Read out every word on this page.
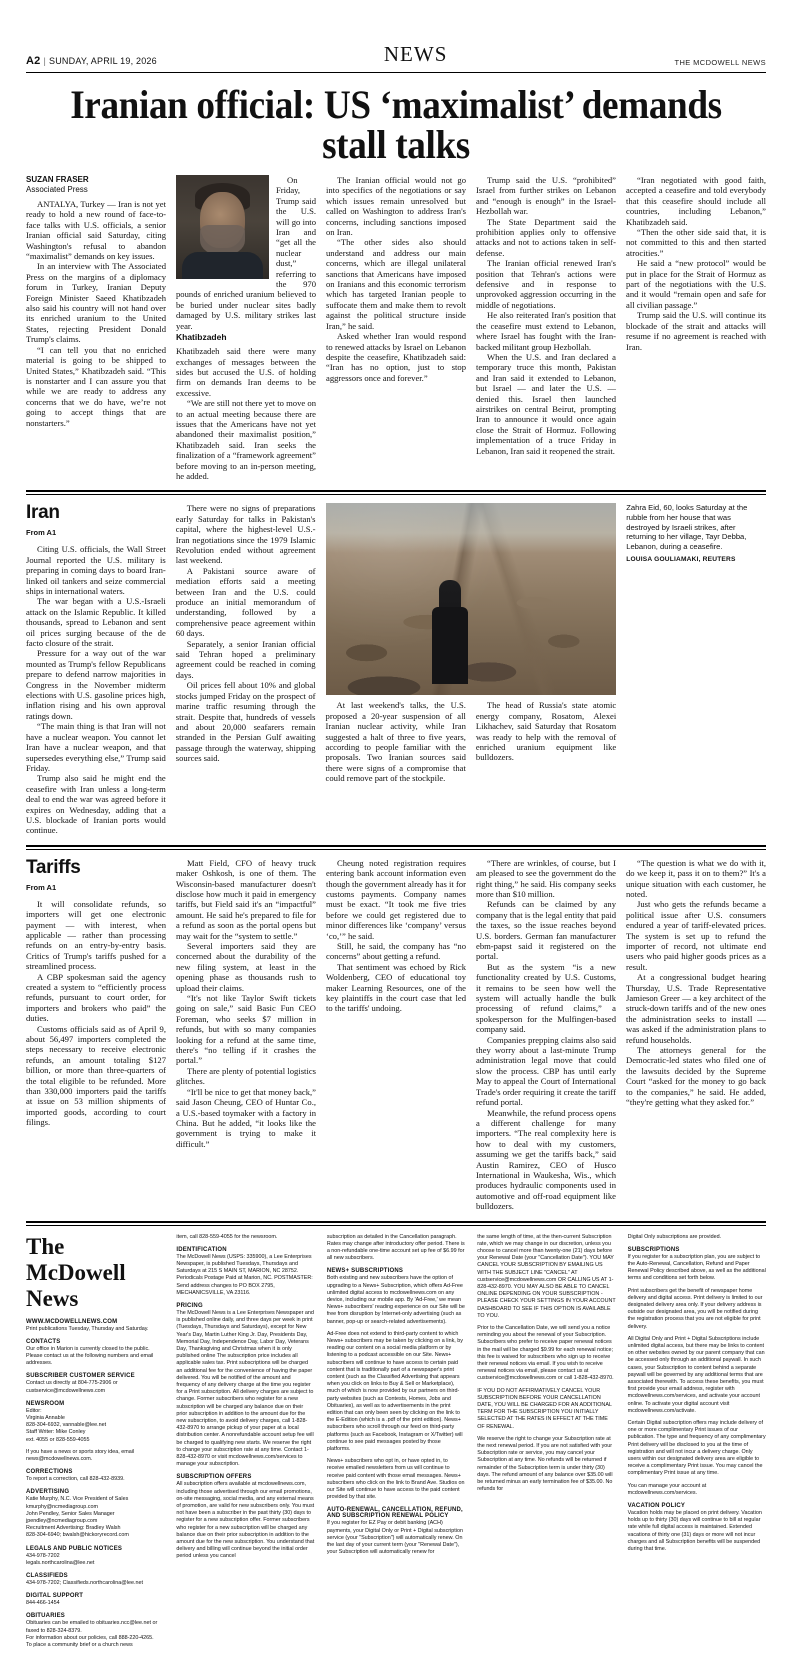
A2 | SUNDAY, APRIL 19, 2026	NEWS	THE MCDOWELL NEWS
Iranian official: US ‘maximalist’ demands stall talks
SUZAN FRASER
Associated Press

ANTALYA, Turkey — Iran is not yet ready to hold a new round of face-to-face talks with U.S. officials, a senior Iranian official said Saturday, citing Washington's refusal to abandon “maximalist” demands on key issues.

In an interview with The Associated Press on the margins of a diplomacy forum in Turkey, Iranian Deputy Foreign Minister Saeed Khatibzadeh also said his country will not hand over its enriched uranium to the United States, rejecting President Donald Trump's claims.

“I can tell you that no enriched material is going to be shipped to United States,” Khatibzadeh said. “This is nonstarter and I can assure you that while we are ready to address any concerns that we do have, we’re not going to accept things that are nonstarters.”

On Friday, Trump said the U.S. will go into Iran and “get all the nuclear dust,” referring to the 970 pounds of enriched uranium believed to be buried under nuclear sites badly damaged by U.S. military strikes last year.

Khatibzadeh

Khatibzadeh said there were many exchanges of messages between the sides but accused the U.S. of holding firm on demands Iran deems to be excessive.

“We are still not there yet to move on to an actual meeting because there are issues that the Americans have not yet abandoned their maximalist position,” Khatibzadeh said. Iran seeks the finalization of a “framework agreement” before moving to an in-person meeting, he added.

The Iranian official would not go into specifics of the negotiations or say which issues remain unresolved but called on Washington to address Iran's concerns, including sanctions imposed on Iran.

“The other sides also should understand and address our main concerns, which are illegal unilateral sanctions that Americans have imposed on Iranians and this economic terrorism which has targeted Iranian people to suffocate them and make them to revolt against the political structure inside Iran,” he said.

Asked whether Iran would respond to renewed attacks by Israel on Lebanon despite the ceasefire, Khatibzadeh said: “Iran has no option, just to stop aggressors once and forever.”

Trump said the U.S. “prohibited” Israel from further strikes on Lebanon and “enough is enough” in the Israel-Hezbollah war.

The State Department said the prohibition applies only to offensive attacks and not to actions taken in self-defense.

The Iranian official renewed Iran's position that Tehran's actions were defensive and in response to unprovoked aggression occurring in the middle of negotiations.

He also reiterated Iran's position that the ceasefire must extend to Lebanon, where Israel has fought with the Iran-backed militant group Hezbollah.

When the U.S. and Iran declared a temporary truce this month, Pakistan and Iran said it extended to Lebanon, but Israel — and later the U.S. — denied this. Israel then launched airstrikes on central Beirut, prompting Iran to announce it would once again close the Strait of Hormuz. Following implementation of a truce Friday in Lebanon, Iran said it reopened the strait.

“Iran negotiated with good faith, accepted a ceasefire and told everybody that this ceasefire should include all countries, including Lebanon,” Khatibzadeh said.

“Then the other side said that, it is not committed to this and then started atrocities.”

He said a “new protocol” would be put in place for the Strait of Hormuz as part of the negotiations with the U.S. and it would “remain open and safe for all civilian passage.”

Trump said the U.S. will continue its blockade of the strait and attacks will resume if no agreement is reached with Iran.

Iran
From A1

Citing U.S. officials, the Wall Street Journal reported the U.S. military is preparing in coming days to board Iran-linked oil tankers and seize commercial ships in international waters.

The war began with a U.S.-Israeli attack on the Islamic Republic. It killed thousands, spread to Lebanon and sent oil prices surging because of the de facto closure of the strait.

Pressure for a way out of the war mounted as Trump's fellow Republicans prepare to defend narrow majorities in Congress in the November midterm elections with U.S. gasoline prices high, inflation rising and his own approval ratings down.

“The main thing is that Iran will not have a nuclear weapon. You cannot let Iran have a nuclear weapon, and that supersedes everything else,” Trump said Friday.

Trump also said he might end the ceasefire with Iran unless a long-term deal to end the war was agreed before it expires on Wednesday, adding that a U.S. blockade of Iranian ports would continue.

There were no signs of preparations early Saturday for talks in Pakistan's capital, where the highest-level U.S.-Iran negotiations since the 1979 Islamic Revolution ended without agreement last weekend.

A Pakistani source aware of mediation efforts said a meeting between Iran and the U.S. could produce an initial memorandum of understanding, followed by a comprehensive peace agreement within 60 days.

Separately, a senior Iranian official said Tehran hoped a preliminary agreement could be reached in coming days.

Oil prices fell about 10% and global stocks jumped Friday on the prospect of marine traffic resuming through the strait. Despite that, hundreds of vessels and about 20,000 seafarers remain stranded in the Persian Gulf awaiting passage through the waterway, shipping sources said.

At last weekend's talks, the U.S. proposed a 20-year suspension of all Iranian nuclear activity, while Iran suggested a halt of three to five years, according to people familiar with the proposals. Two Iranian sources said there were signs of a compromise that could remove part of the stockpile.

The head of Russia's state atomic energy company, Rosatom, Alexei Likhachev, said Saturday that Rosatom was ready to help with the removal of enriched uranium equipment like bulldozers.

Zahra Eid, 60, looks Saturday at the rubble from her house that was destroyed by Israeli strikes, after returning to her village, Tayr Debba, Lebanon, during a ceasefire.
LOUISA GOULIAMAKI, REUTERS

Tariffs
From A1

It will consolidate refunds, so importers will get one electronic payment — with interest, when applicable — rather than processing refunds on an entry-by-entry basis. Critics of Trump's tariffs pushed for a streamlined process.

A CBP spokesman said the agency created a system to “efficiently process refunds, pursuant to court order, for importers and brokers who paid” the duties.

Customs officials said as of April 9, about 56,497 importers completed the steps necessary to receive electronic refunds, an amount totaling $127 billion, or more than three-quarters of the total eligible to be refunded. More than 330,000 importers paid the tariffs at issue on 53 million shipments of imported goods, according to court filings.

Matt Field, CFO of heavy truck maker Oshkosh, is one of them. The Wisconsin-based manufacturer doesn't disclose how much it paid in emergency tariffs, but Field said it's an “impactful” amount. He said he's prepared to file for a refund as soon as the portal opens but may wait for the “system to settle.”

Several importers said they are concerned about the durability of the new filing system, at least in the opening phase as thousands rush to upload their claims.

“It's not like Taylor Swift tickets going on sale,” said Basic Fun CEO Foreman, who seeks $7 million in refunds, but with so many companies looking for a refund at the same time, there's “no telling if it crashes the portal.”

There are plenty of potential logistics glitches.

“It'll be nice to get that money back,” said Jason Cheung, CEO of Huntar Co., a U.S.-based toymaker with a factory in China. But he added, “it looks like the government is trying to make it difficult.”

Cheung noted registration requires entering bank account information even though the government already has it for customs payments. Company names must be exact. “It took me five tries before we could get registered due to minor differences like ‘company’ versus ‘co,’” he said.

Still, he said, the company has “no concerns” about getting a refund.

That sentiment was echoed by Rick Woldenberg, CEO of educational toy maker Learning Resources, one of the key plaintiffs in the court case that led to the tariffs' undoing.

“There are wrinkles, of course, but I am pleased to see the government do the right thing,” he said. His company seeks more than $10 million.

Refunds can be claimed by any company that is the legal entity that paid the taxes, so the issue reaches beyond U.S. borders. German fan manufacturer ebm-papst said it registered on the portal.

But as the system “is a new functionality created by U.S. Customs, it remains to be seen how well the system will actually handle the bulk processing of refund claims,” a spokesperson for the Mulfingen-based company said.

Companies prepping claims also said they worry about a last-minute Trump administration legal move that could slow the process. CBP has until early May to appeal the Court of International Trade's order requiring it create the tariff refund portal.

Meanwhile, the refund process opens a different challenge for many importers. “The real complexity here is how to deal with my customers, assuming we get the tariffs back,” said Austin Ramirez, CEO of Husco International in Waukesha, Wis., which produces hydraulic components used in automotive and off-road equipment like bulldozers.

“The question is what we do with it, do we keep it, pass it on to them?” It's a unique situation with each customer, he noted.

Just who gets the refunds became a political issue after U.S. consumers endured a year of tariff-elevated prices. The system is set up to refund the importer of record, not ultimate end users who paid higher goods prices as a result.

At a congressional budget hearing Thursday, U.S. Trade Representative Jamieson Greer — a key architect of the struck-down tariffs and of the new ones the administration seeks to install — was asked if the administration plans to refund households.

The attorneys general for the Democratic-led states who filed one of the lawsuits decided by the Supreme Court “asked for the money to go back to the companies,” he said. He added, “they're getting what they asked for.”

The McDowell News
WWW.MCDOWELLNEWS.COM

Print publications Tuesday, Thursday and Saturday.

CONTACTS

Our office in Marion is currently closed to the public. Please contact us at the following numbers and email addresses.

SUBSCRIBER CUSTOMER SERVICE

Contact us directly at 804-775-2906 or custservice@mcdowellnews.com

NEWSROOM

Editor:
Virginia Annable
828-304-6932, vannable@lee.net
Staff Writer: Mike Conley
ext. 4055 or 828-559-4055

If you have a news or sports story idea, email news@mcdowellnews.com.

CORRECTIONS

To report a correction, call 828-432-8939.

ADVERTISING

Katie Murphy, N.C. Vice President of Sales
kmurphy@ncmediagroup.com
John Pendley, Senior Sales Manager
jpendley@ncmediagroup.com
Recruitment Advertising: Bradley Walsh
828-304-6940; bwalsh@hickoryrecord.com

LEGALS AND PUBLIC NOTICES

434-978-7202
legals.northcarolina@lee.net

CLASSIFIEDS

434-978-7202; Classifieds.northcarolina@lee.net

DIGITAL SUPPORT

844-466-1454

OBITUARIES

Obituaries can be emailed to obituaries.ncc@lee.net or faxed to 828-324-8379.
For information about our policies, call 888-220-4265.
To place a community brief or a church news

item, call 828-559-4055 for the newsroom.

IDENTIFICATION

The McDowell News (USPS: 335900), a Lee Enterprises Newspaper, is published Tuesdays, Thursdays and Saturdays at 215 S MAIN ST, MARION, NC 28752. Periodicals Postage Paid at Marion, NC. POSTMASTER: Send address changes to PO BOX 2795, MECHANICSVILLE, VA 23116.

PRICING

The McDowell News is a Lee Enterprises Newspaper and is published online daily, and three days per week in print (Tuesdays, Thursdays and Saturdays), except for New Year's Day, Martin Luther King Jr. Day, Presidents Day, Memorial Day, Independence Day, Labor Day, Veterans Day, Thanksgiving and Christmas when it is only published online The subscription price includes all applicable sales tax. Print subscriptions will be charged an additional fee for the convenience of having the paper delivered. You will be notified of the amount and frequency of any delivery charge at the time you register for a Print subscription. All delivery charges are subject to change. Former subscribers who register for a new subscription will be charged any balance due on their prior subscription in addition to the amount due for the new subscription, to avoid delivery charges, call 1-828-432-8970 to arrange pickup of your paper at a local distribution center. A nonrefundable account setup fee will be charged to qualifying new starts. We reserve the right to change your subscription rate at any time. Contact 1-828-432-8970 or visit mcdowellnews.com/services to manage your subscription.

SUBSCRIPTION OFFERS

All subscription offers available at mcdowellnews.com, including those advertised through our email promotions, on-site messaging, social media, and any external means of promotion, are valid for new subscribers only. You must not have been a subscriber in the past thirty (30) days to register for a new subscription offer. Former subscribers who register for a new subscription will be charged any balance due on their prior subscription in addition to the amount due for the new subscription. You understand that delivery and billing will continue beyond the initial order period unless you cancel

subscription as detailed in the Cancellation paragraph. Rates may change after introductory offer period. There is a non-refundable one-time account set up fee of $6.99 for all new subscribers.

NEWS+ SUBSCRIPTIONS

Both existing and new subscribers have the option of upgrading to a News+ Subscription, which offers Ad-Free unlimited digital access to mcdowellnews.com on any device, including our mobile app. By 'Ad-Free,' we mean News+ subscribers' reading experience on our Site will be free from disruption by Internet-only advertising (such as banner, pop-up or search-related advertisements).

Ad-Free does not extend to third-party content to which News+ subscribers may be taken by clicking on a link, by reading our content on a social media platform or by listening to a podcast accessible on our Site. News+ subscribers will continue to have access to certain paid content that is traditionally part of a newspaper's print content (such as the Classified Advertising that appears when you click on links to Buy & Sell or Marketplace), much of which is now provided by our partners on third-party websites (such as Contests, Homes, Jobs and Obituaries), as well as to advertisements in the print edition that can only been seen by clicking on the link to the E-Edition (which is a .pdf of the print edition). News+ subscribers who scroll through our feed on third-party platforms (such as Facebook, Instagram or X/Twitter) will continue to see paid messages posted by those platforms.

News+ subscribers who opt in, or have opted in, to receive emailed newsletters from us will continue to receive paid content with those email messages. News+ subscribers who click on the link to Brand Ave. Studios on our Site will continue to have access to the paid content provided by that site.

AUTO-RENEWAL, CANCELLATION, REFUND, AND SUBSCRIPTION RENEWAL POLICY

If you register for EZ Pay or debit banking (ACH) payments, your Digital Only or Print + Digital subscription service (your "Subscription") will automatically renew. On the last day of your current term (your "Renewal Date"), your Subscription will automatically renew for

the same length of time, at the then-current Subscription rate, which we may change in our discretion, unless you choose to cancel more than twenty-one (21) days before your Renewal Date (your "Cancellation Date"). YOU MAY CANCEL YOUR SUBSCRIPTION BY EMAILING US WITH THE SUBJECT LINE "CANCEL" AT custservice@mcdowellnews.com OR CALLING US AT 1-828-432-8970. YOU MAY ALSO BE ABLE TO CANCEL ONLINE DEPENDING ON YOUR SUBSCRIPTION - PLEASE CHECK YOUR SETTINGS IN YOUR ACCOUNT DASHBOARD TO SEE IF THIS OPTION IS AVAILABLE TO YOU.

Prior to the Cancellation Date, we will send you a notice reminding you about the renewal of your Subscription. Subscribers who prefer to receive paper renewal notices in the mail will be charged $9.99 for each renewal notice; this fee is waived for subscribers who sign up to receive their renewal notices via email. If you wish to receive renewal notices via email, please contact us at custservice@mcdowellnews.com or call 1-828-432-8970.

IF YOU DO NOT AFFIRMATIVELY CANCEL YOUR SUBSCRIPTION BEFORE YOUR CANCELLATION DATE, YOU WILL BE CHARGED FOR AN ADDITIONAL TERM FOR THE SUBSCRIPTION YOU INITIALLY SELECTED AT THE RATES IN EFFECT AT THE TIME OF RENEWAL.

We reserve the right to change your Subscription rate at the next renewal period. If you are not satisfied with your Subscription rate or service, you may cancel your Subscription at any time. No refunds will be returned if remainder of the Subscription term is under thirty (30) days. The refund amount of any balance over $35.00 will be returned minus an early termination fee of $35.00. No refunds for

Digital Only subscriptions are provided.

SUBSCRIPTIONS

If you register for a subscription plan, you are subject to the Auto-Renewal, Cancellation, Refund and Paper Renewal Policy described above, as well as the additional terms and conditions set forth below.

Print subscribers get the benefit of newspaper home delivery and digital access. Print delivery is limited to our designated delivery area only. If your delivery address is outside our designated area, you will be notified during the registration process that you are not eligible for print delivery.

All Digital Only and Print + Digital Subscriptions include unlimited digital access, but there may be links to content on other websites owned by our parent company that can be accessed only through an additional paywall. In such cases, your Subscription to content behind a separate paywall will be governed by any additional terms that are associated therewith. To access these benefits, you must first provide your email address, register with mcdowellnews.com/services, and activate your account online. To activate your digital account visit mcdowellnews.com/activate.

Certain Digital subscription offers may include delivery of one or more complimentary Print issues of our publication. The type and frequency of any complimentary Print delivery will be disclosed to you at the time of registration and will not incur a delivery charge. Only users within our designated delivery area are eligible to receive a complimentary Print issue. You may cancel the complimentary Print issue at any time.

You can manage your account at mcdowellnews.com/services.

VACATION POLICY

Vacation holds may be placed on print delivery. Vacation holds up to thirty (30) days will continue to bill at regular rate while full digital access is maintained. Extended vacations of thirty one (31) days or more will not incur charges and all Subscription benefits will be suspended during that time.
